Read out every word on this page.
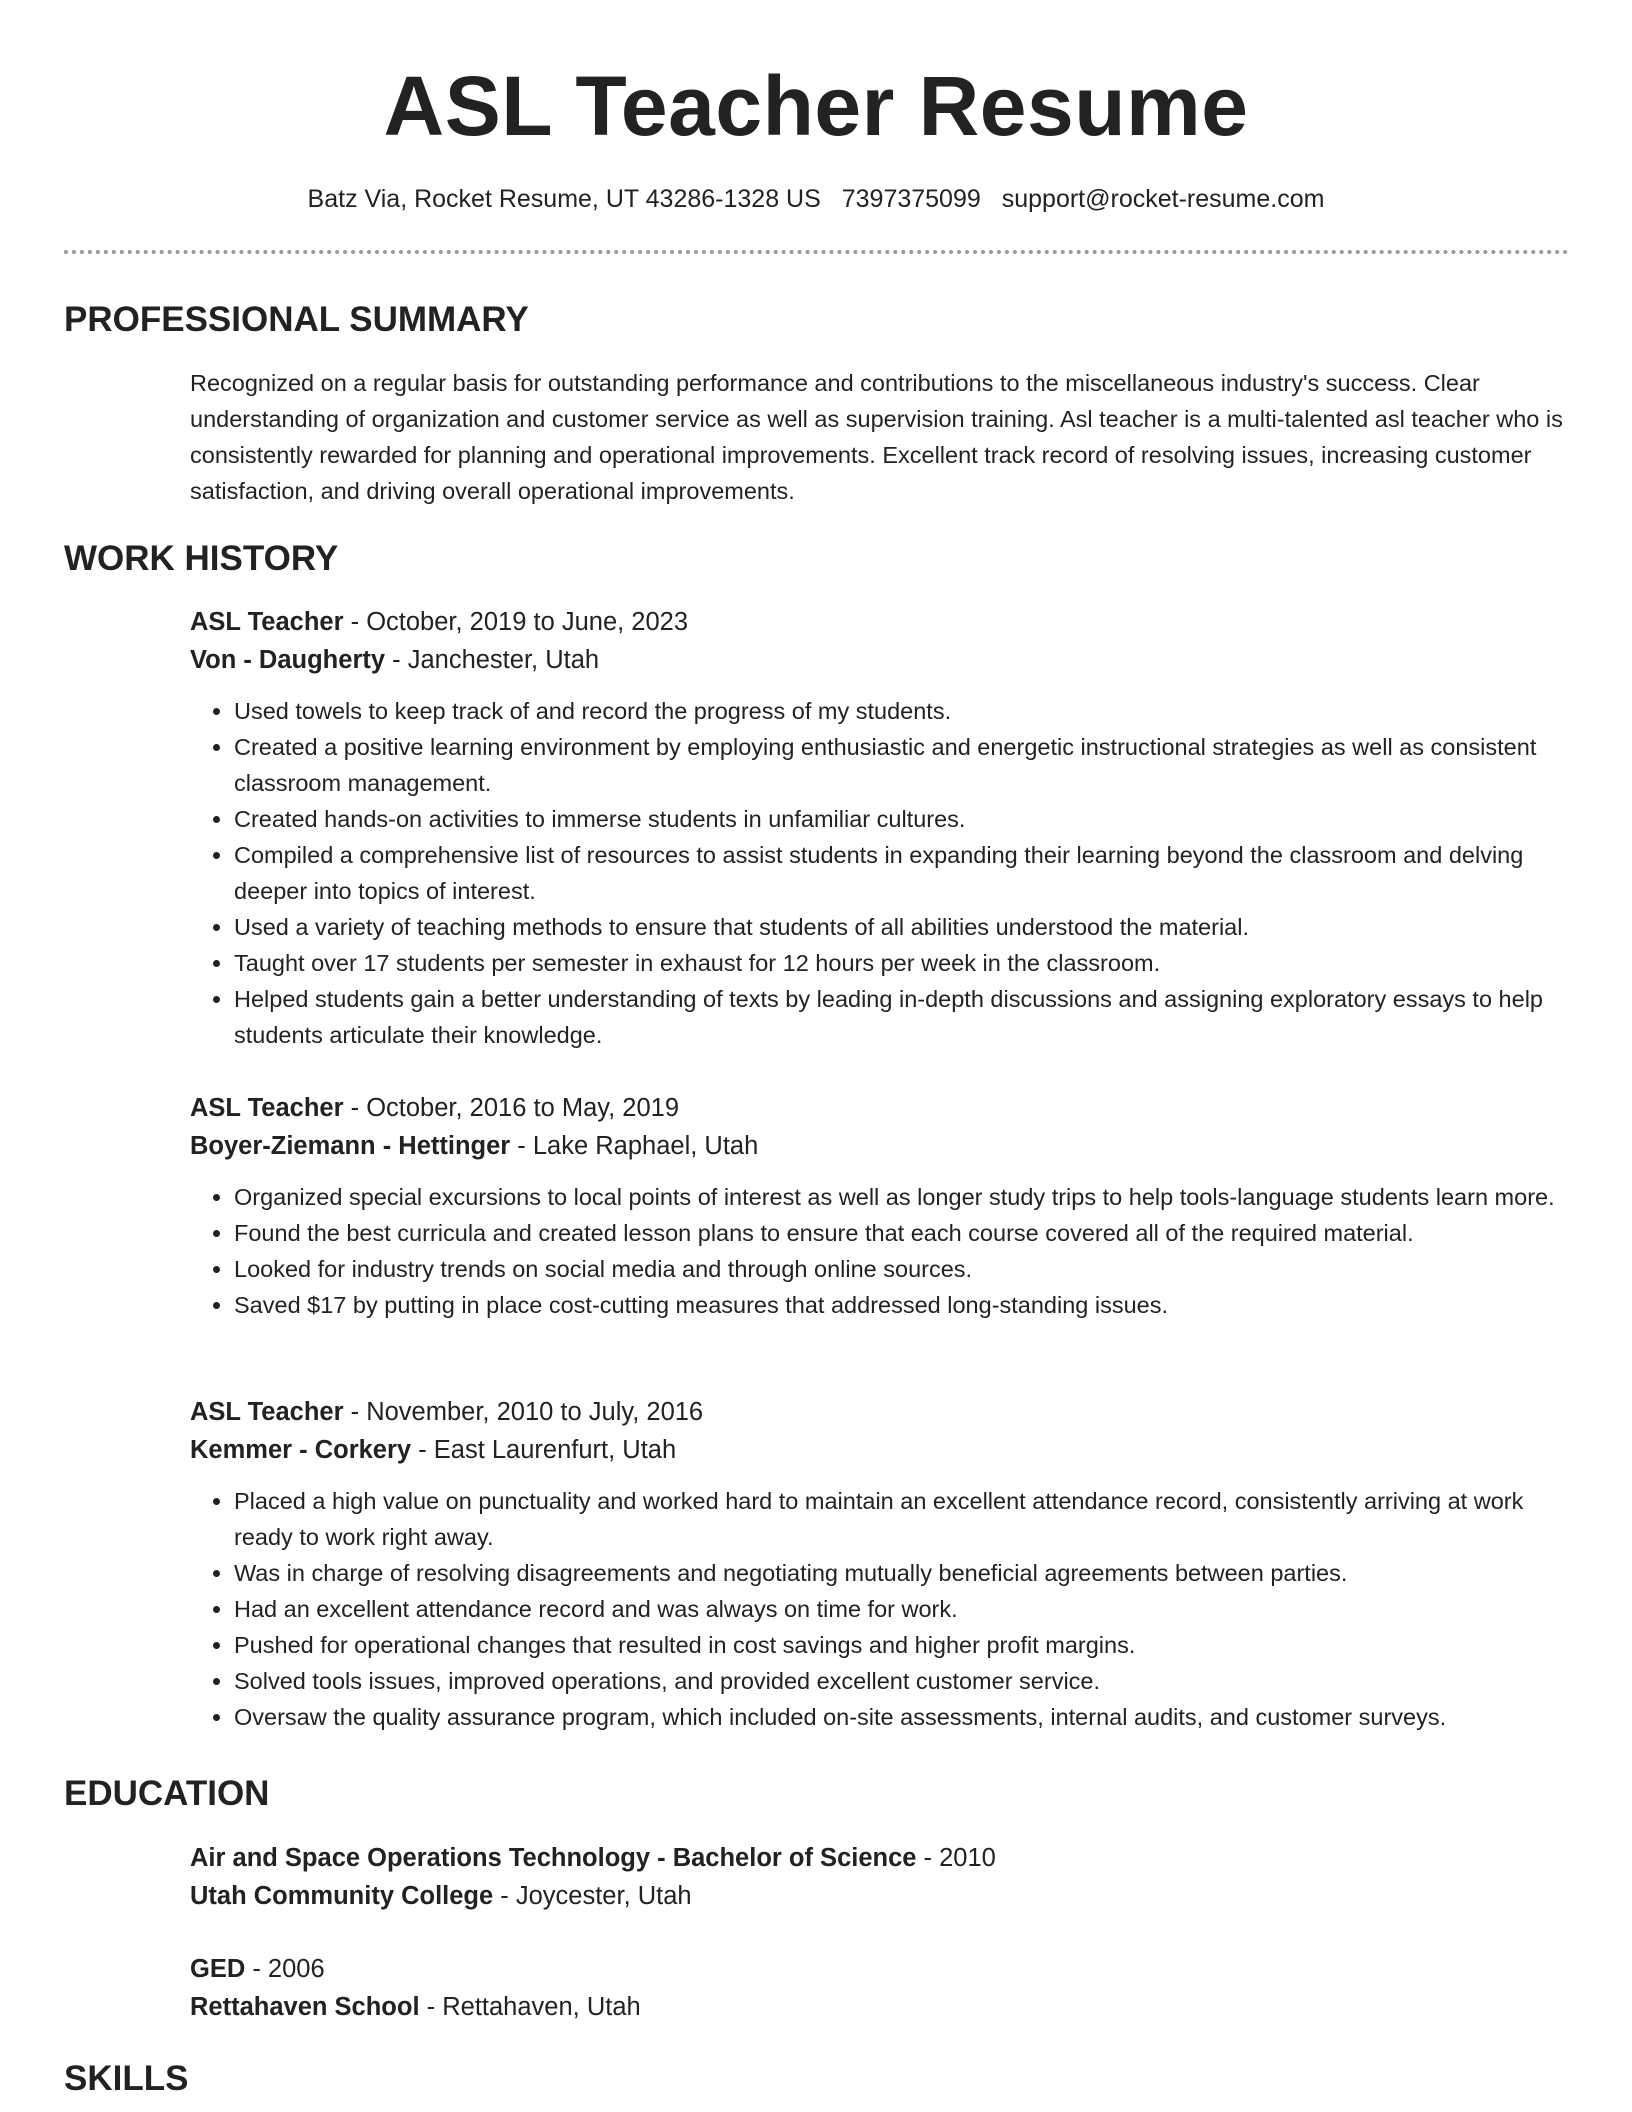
ASL Teacher Resume
Batz Via, Rocket Resume, UT 43286-1328 US 7397375099 support@rocket-resume.com
PROFESSIONAL SUMMARY

Recognized on a regular basis for outstanding performance and contributions to the miscellaneous industry's success. Clear understanding of organization and customer service as well as supervision training. Asl teacher is a multi-talented asl teacher who is consistently rewarded for planning and operational improvements. Excellent track record of resolving issues, increasing customer satisfaction, and driving overall operational improvements.

WORK HISTORY

ASL Teacher - October, 2019 to June, 2023

Von - Daugherty - Janchester, Utah

• Used towels to keep track of and record the progress of my students.
• Created a positive learning environment by employing enthusiastic and energetic instructional strategies as well as consistent classroom management.
• Created hands-on activities to immerse students in unfamiliar cultures.
• Compiled a comprehensive list of resources to assist students in expanding their learning beyond the classroom and delving deeper into topics of interest.
• Used a variety of teaching methods to ensure that students of all abilities understood the material.
• Taught over 17 students per semester in exhaust for 12 hours per week in the classroom.
• Helped students gain a better understanding of texts by leading in-depth discussions and assigning exploratory essays to help students articulate their knowledge.

ASL Teacher - October, 2016 to May, 2019

Boyer-Ziemann - Hettinger - Lake Raphael, Utah

• Organized special excursions to local points of interest as well as longer study trips to help tools-language students learn more.
• Found the best curricula and created lesson plans to ensure that each course covered all of the required material.
• Looked for industry trends on social media and through online sources.
• Saved $17 by putting in place cost-cutting measures that addressed long-standing issues.

ASL Teacher - November, 2010 to July, 2016

Kemmer - Corkery - East Laurenfurt, Utah

• Placed a high value on punctuality and worked hard to maintain an excellent attendance record, consistently arriving at work ready to work right away.
• Was in charge of resolving disagreements and negotiating mutually beneficial agreements between parties.
• Had an excellent attendance record and was always on time for work.
• Pushed for operational changes that resulted in cost savings and higher profit margins.
• Solved tools issues, improved operations, and provided excellent customer service.
• Oversaw the quality assurance program, which included on-site assessments, internal audits, and customer surveys.
EDUCATION

Air and Space Operations Technology - Bachelor of Science - 2010

Utah Community College - Joycester, Utah

GED - 2006

Rettahaven School - Rettahaven, Utah

SKILLS
